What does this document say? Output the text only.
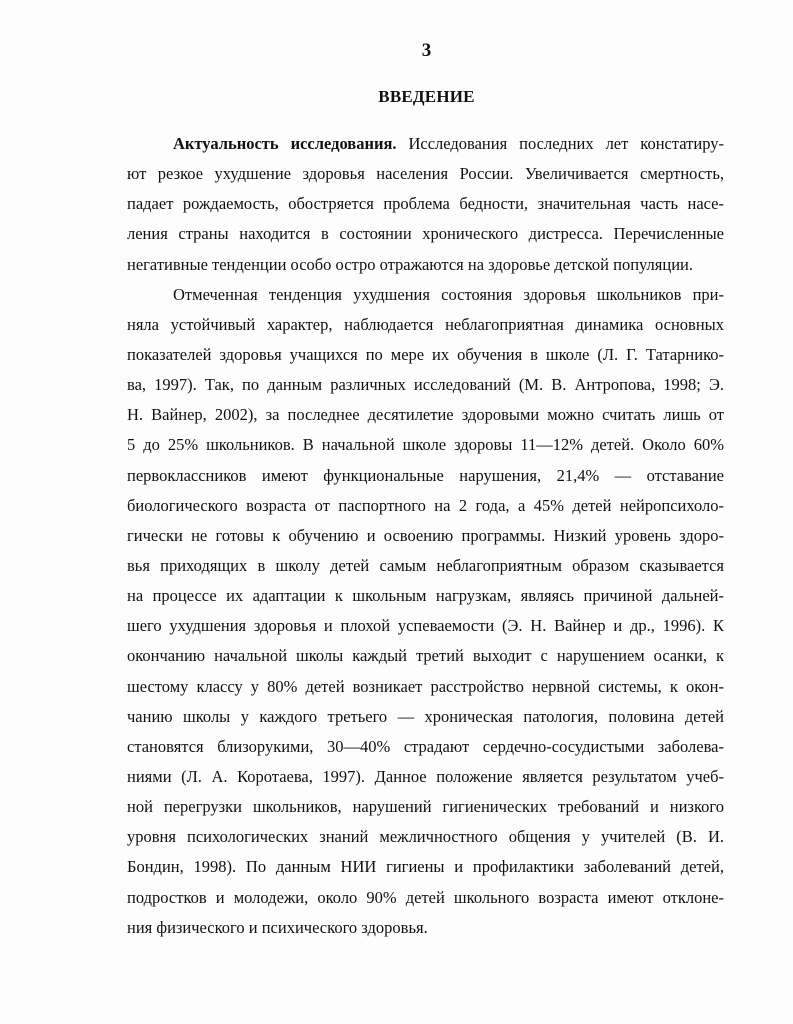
3
ВВЕДЕНИЕ
Актуальность исследования. Исследования последних лет констатиру-
ют резкое ухудшение здоровья населения России. Увеличивается смертность,
падает рождаемость, обостряется проблема бедности, значительная часть насе-
ления страны находится в состоянии хронического дистресса. Перечисленные
негативные тенденции особо остро отражаются на здоровье детской популяции.
Отмеченная тенденция ухудшения состояния здоровья школьников при-
няла устойчивый характер, наблюдается неблагоприятная динамика основных
показателей здоровья учащихся по мере их обучения в школе (Л. Г. Татарнико-
ва, 1997). Так, по данным различных исследований (М. В. Антропова, 1998; Э.
Н. Вайнер, 2002), за последнее десятилетие здоровыми можно считать лишь от
5 до 25% школьников. В начальной школе здоровы 11—12% детей. Около 60%
первоклассников имеют функциональные нарушения, 21,4% — отставание
биологического возраста от паспортного на 2 года, а 45% детей нейропсихоло-
гически не готовы к обучению и освоению программы. Низкий уровень здоро-
вья приходящих в школу детей самым неблагоприятным образом сказывается
на процессе их адаптации к школьным нагрузкам, являясь причиной дальней-
шего ухудшения здоровья и плохой успеваемости (Э. Н. Вайнер и др., 1996). К
окончанию начальной школы каждый третий выходит с нарушением осанки, к
шестому классу у 80% детей возникает расстройство нервной системы, к окон-
чанию школы у каждого третьего — хроническая патология, половина детей
становятся близорукими, 30—40% страдают сердечно-сосудистыми заболева-
ниями (Л. А. Коротаева, 1997). Данное положение является результатом учеб-
ной перегрузки школьников, нарушений гигиенических требований и низкого
уровня психологических знаний межличностного общения у учителей (В. И.
Бондин, 1998). По данным НИИ гигиены и профилактики заболеваний детей,
подростков и молодежи, около 90% детей школьного возраста имеют отклоне-
ния физического и психического здоровья.
